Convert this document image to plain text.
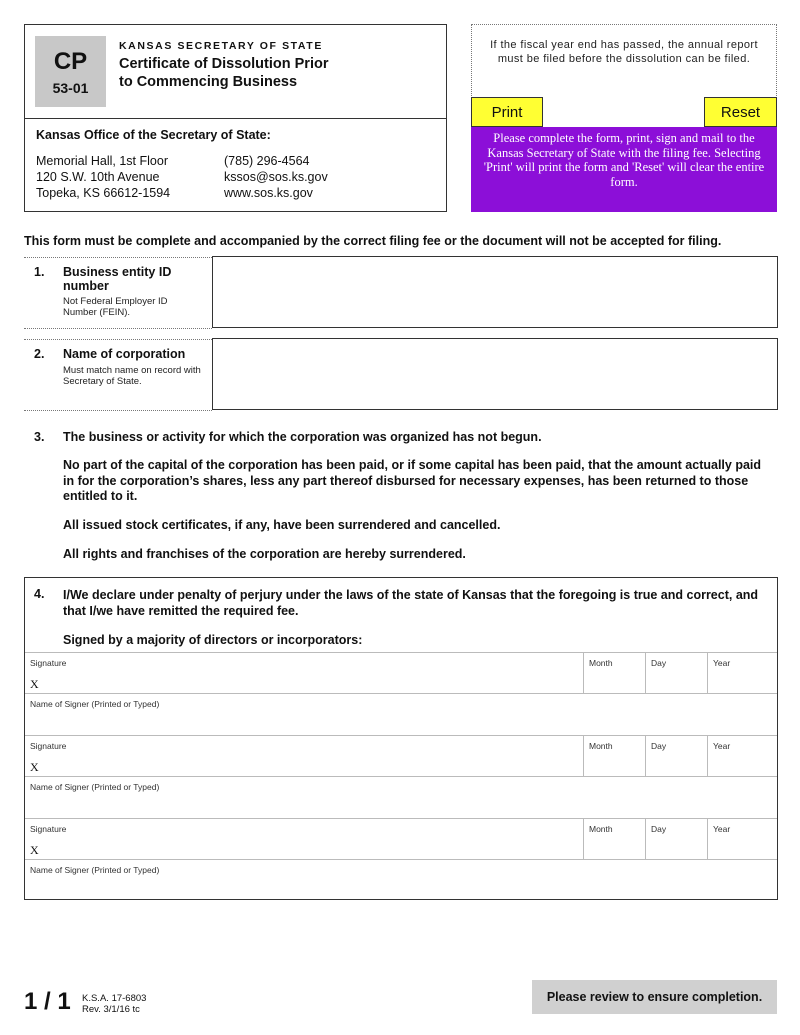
CP
53-01
KANSAS SECRETARY OF STATE
Certificate of Dissolution Prior
to Commencing Business
Kansas Office of the Secretary of State:
Memorial Hall, 1st Floor
120 S.W. 10th Avenue
Topeka, KS 66612-1594
(785) 296-4564
kssos@sos.ks.gov
www.sos.ks.gov
If the fiscal year end has passed, the annual report must be filed before the dissolution can be filed.
Print	Reset
Please complete the form, print, sign and mail to the Kansas Secretary of State with the filing fee. Selecting 'Print' will print the form and 'Reset' will clear the entire form.
This form must be complete and accompanied by the correct filing fee or the document will not be accepted for filing.
1. Business entity ID number
Not Federal Employer ID Number (FEIN).
2. Name of corporation
Must match name on record with Secretary of State.
3. The business or activity for which the corporation was organized has not begun.
No part of the capital of the corporation has been paid, or if some capital has been paid, that the amount actually paid in for the corporation’s shares, less any part thereof disbursed for necessary expenses, has been returned to those entitled to it.
All issued stock certificates, if any, have been surrendered and cancelled.
All rights and franchises of the corporation are hereby surrendered.
4. I/We declare under penalty of perjury under the laws of the state of Kansas that the foregoing is true and correct, and that I/we have remitted the required fee.
Signed by a majority of directors or incorporators:
Signature
X
Month	Day	Year
Name of Signer (Printed or Typed)
Signature
X
Month	Day	Year
Name of Signer (Printed or Typed)
Signature
X
Month	Day	Year
Name of Signer (Printed or Typed)
1 / 1 K.S.A. 17-6803
Rev. 3/1/16 tc
Please review to ensure completion.
